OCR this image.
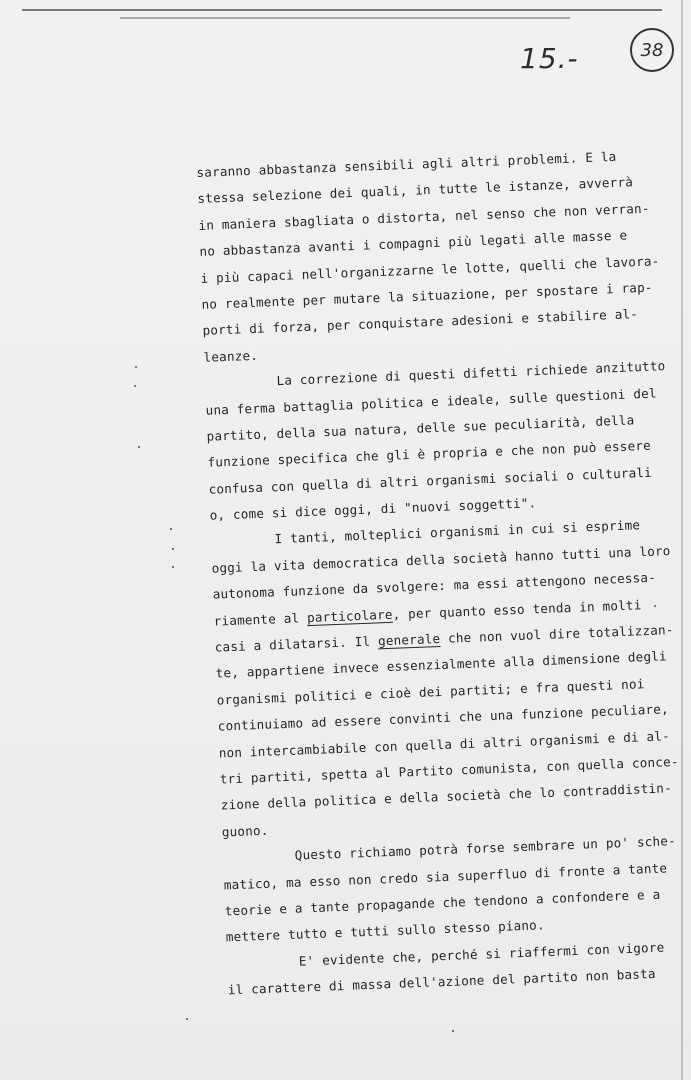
15.-	38
saranno abbastanza sensibili agli altri problemi. E la
stessa selezione dei quali, in tutte le istanze, avverrà
in maniera sbagliata o distorta, nel senso che non verran-
no abbastanza avanti i compagni più legati alle masse e
i più capaci nell'organizzarne le lotte, quelli che lavora-
no realmente per mutare la situazione, per spostare i rap-
porti di forza, per conquistare adesioni e stabilire al-
leanze.
La correzione di questi difetti richiede anzitutto
una ferma battaglia politica e ideale, sulle questioni del
partito, della sua natura, delle sue peculiarità, della
funzione specifica che gli è propria e che non può essere
confusa con quella di altri organismi sociali o culturali
o, come si dice oggi, di "nuovi soggetti".
I tanti, molteplici organismi in cui si esprime
oggi la vita democratica della società hanno tutti una loro
autonoma funzione da svolgere: ma essi attengono necessa-
riamente al particolare, per quanto esso tenda in molti
casi a dilatarsi. Il generale che non vuol dire totalizzan-
te, appartiene invece essenzialmente alla dimensione degli
organismi politici e cioè dei partiti; e fra questi noi
continuiamo ad essere convinti che una funzione peculiare,
non intercambiabile con quella di altri organismi e di al-
tri partiti, spetta al Partito comunista, con quella conce-
zione della politica e della società che lo contraddistin-
guono.
Questo richiamo potrà forse sembrare un po' sche-
matico, ma esso non credo sia superfluo di fronte a tante
teorie e a tante propagande che tendono a confondere e a
mettere tutto e tutti sullo stesso piano.
E' evidente che, perché si riaffermi con vigore
il carattere di massa dell'azione del partito non basta
